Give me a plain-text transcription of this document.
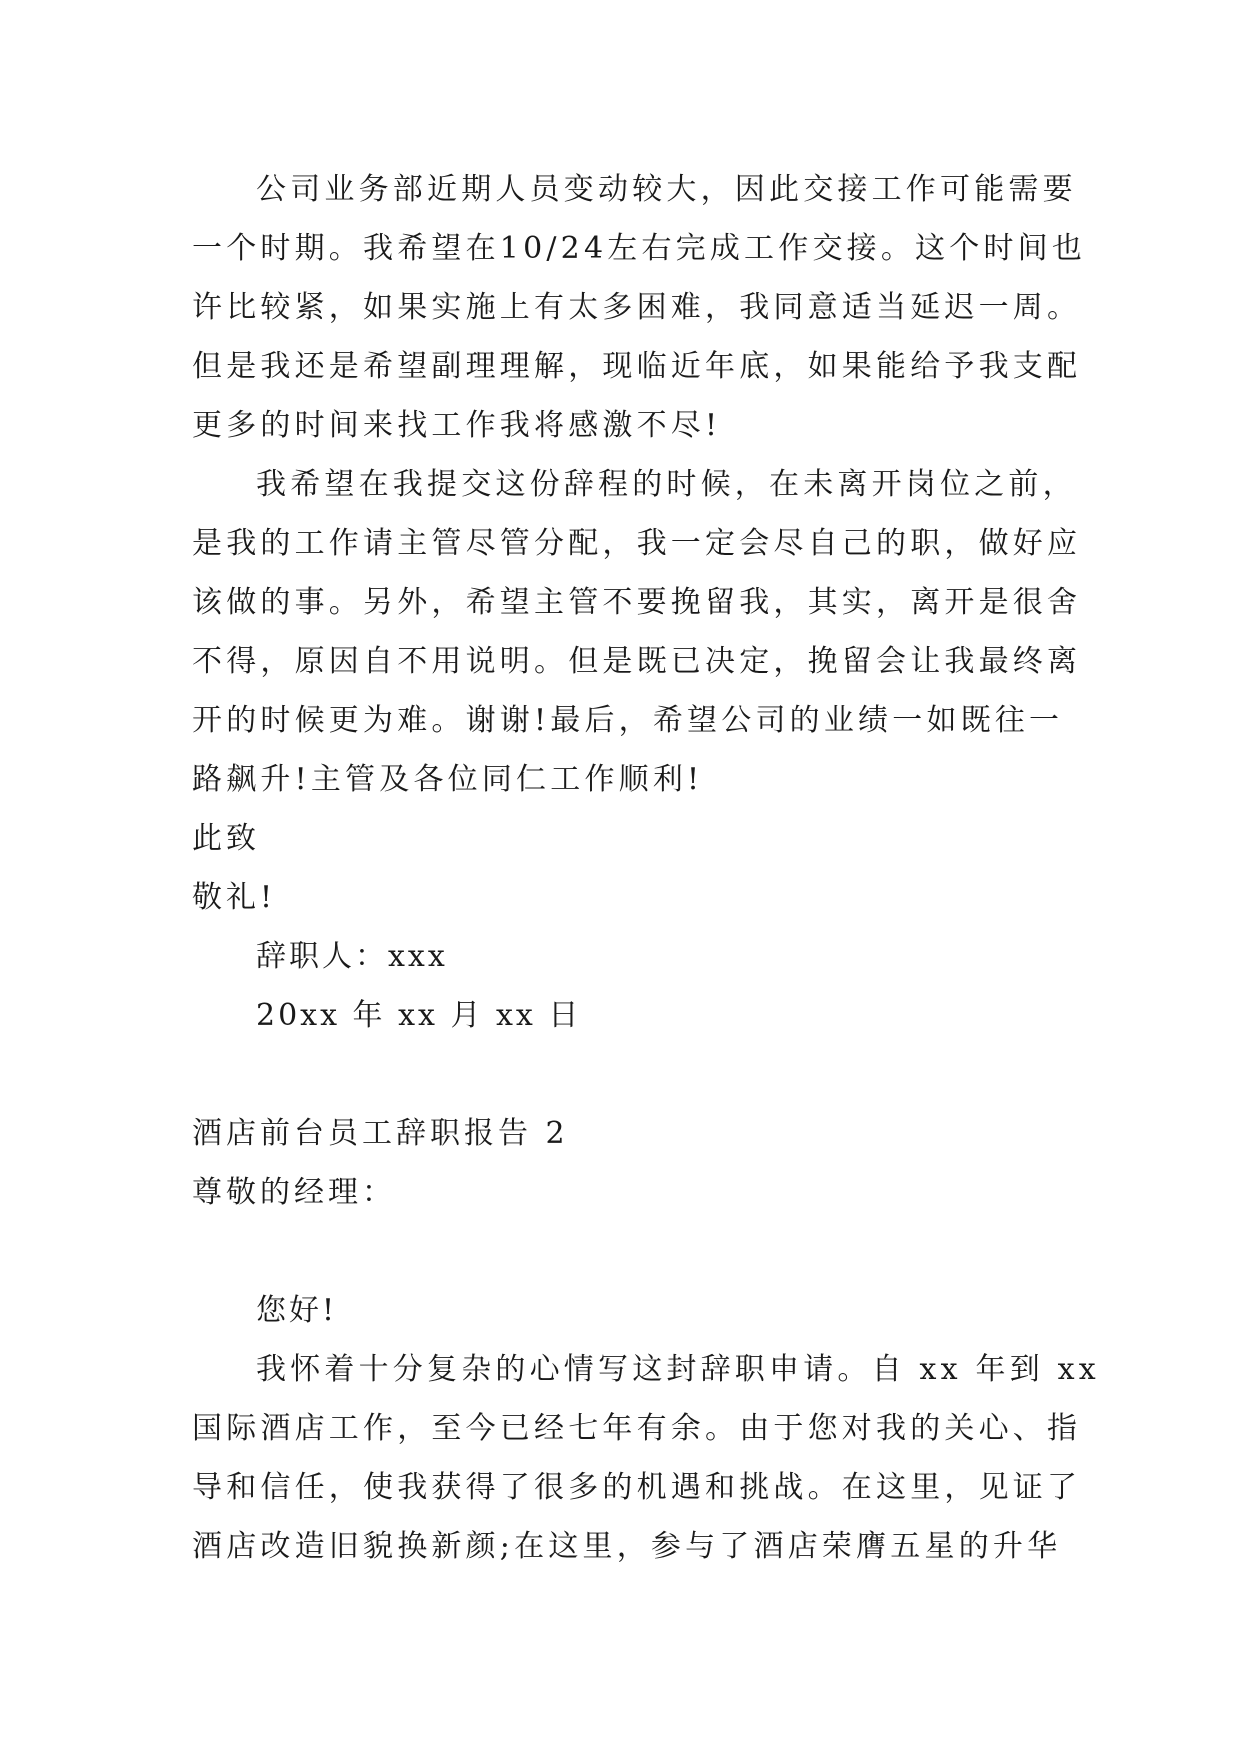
公司业务部近期人员变动较大，因此交接工作可能需要
一个时期。我希望在10/24左右完成工作交接。这个时间也
许比较紧，如果实施上有太多困难，我同意适当延迟一周。
但是我还是希望副理理解，现临近年底，如果能给予我支配
更多的时间来找工作我将感激不尽!
我希望在我提交这份辞程的时候，在未离开岗位之前，
是我的工作请主管尽管分配，我一定会尽自己的职，做好应
该做的事。另外，希望主管不要挽留我，其实，离开是很舍
不得，原因自不用说明。但是既已决定，挽留会让我最终离
开的时候更为难。谢谢!最后，希望公司的业绩一如既往一
路飙升!主管及各位同仁工作顺利!

此致

敬礼!

辞职人：xxx

20xx 年 xx 月 xx 日

酒店前台员工辞职报告 2

尊敬的经理：

您好!

我怀着十分复杂的心情写这封辞职申请。自 xx 年到 xx
国际酒店工作，至今已经七年有余。由于您对我的关心、指
导和信任，使我获得了很多的机遇和挑战。在这里，见证了
酒店改造旧貌换新颜;在这里，参与了酒店荣膺五星的升华
